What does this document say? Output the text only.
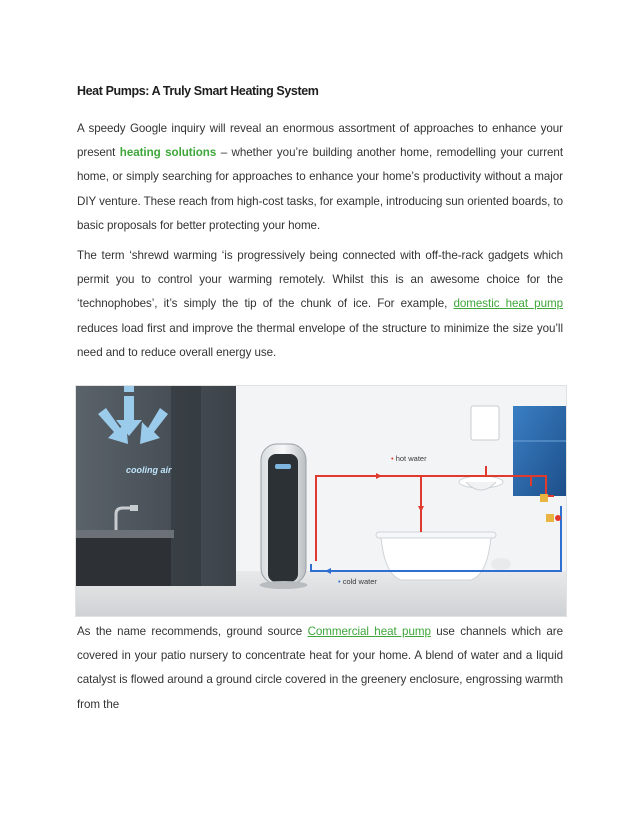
Heat Pumps: A Truly Smart Heating System
A speedy Google inquiry will reveal an enormous assortment of approaches to enhance your present heating solutions – whether you’re building another home, remodelling your current home, or simply searching for approaches to enhance your home’s productivity without a major DIY venture. These reach from high-cost tasks, for example, introducing sun oriented boards, to basic proposals for better protecting your home.
The term ‘shrewd warming ‘is progressively being connected with off-the-rack gadgets which permit you to control your warming remotely. Whilst this is an awesome choice for the ‘technophobes’, it’s simply the tip of the chunk of ice. For example, domestic heat pump reduces load first and improve the thermal envelope of the structure to minimize the size you’ll need and to reduce overall energy use.
cooling air
• hot water
• cold water
As the name recommends, ground source Commercial heat pump use channels which are covered in your patio nursery to concentrate heat for your home. A blend of water and a liquid catalyst is flowed around a ground circle covered in the greenery enclosure, engrossing warmth from the
